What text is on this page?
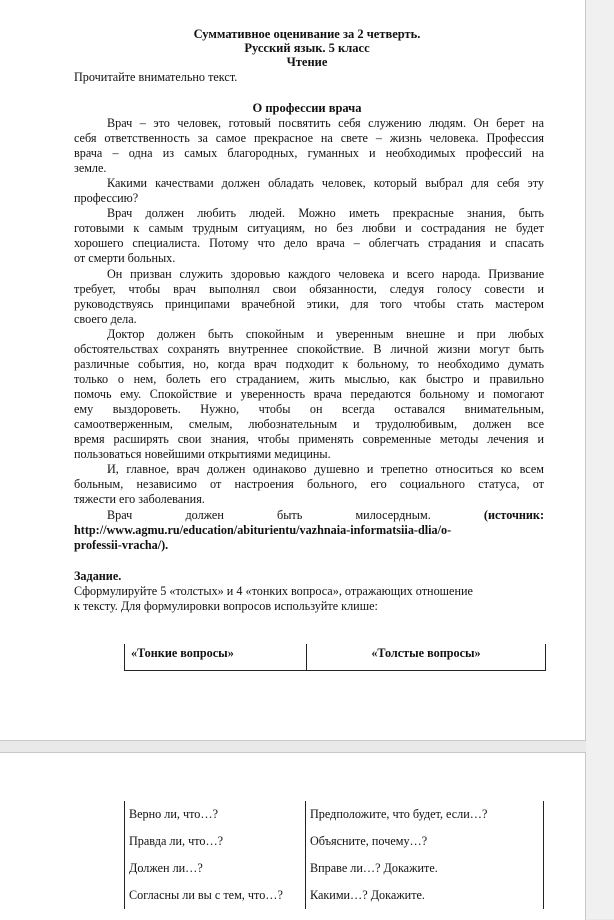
Суммативное оценивание за 2 четверть.
Русский язык. 5 класс
Чтение
Прочитайте внимательно текст.
О профессии врача
Врач – это человек, готовый посвятить себя служению людям. Он берет на
себя ответственность за самое прекрасное на свете – жизнь человека. Профессия
врача – одна из самых благородных, гуманных и необходимых профессий на
земле.
Какими качествами должен обладать человек, который выбрал для себя эту
профессию?
Врач должен любить людей. Можно иметь прекрасные знания, быть
готовыми к самым трудным ситуациям, но без любви и сострадания не будет
хорошего специалиста. Потому что дело врача – облегчать страдания и спасать
от смерти больных.
Он призван служить здоровью каждого человека и всего народа. Призвание
требует, чтобы врач выполнял свои обязанности, следуя голосу совести и
руководствуясь принципами врачебной этики, для того чтобы стать мастером
своего дела.
Доктор должен быть спокойным и уверенным внешне и при любых
обстоятельствах сохранять внутреннее спокойствие. В личной жизни могут быть
различные события, но, когда врач подходит к больному, то необходимо думать
только о нем, болеть его страданием, жить мыслью, как быстро и правильно
помочь ему. Спокойствие и уверенность врача передаются больному и помогают
ему выздороветь. Нужно, чтобы он всегда оставался внимательным,
самоотверженным, смелым, любознательным и трудолюбивым, должен все
время расширять свои знания, чтобы применять современные методы лечения и
пользоваться новейшими открытиями медицины.
И, главное, врач должен одинаково душевно и трепетно относиться ко всем
больным, независимо от настроения больного, его социального статуса, от
тяжести его заболевания.
Врач	должен	быть	милосердным.	(источник:
http://www.agmu.ru/education/abiturientu/vazhnaia-informatsiia-dlia/o-
professii-vracha/).
Задание.
Сформулируйте 5 «толстых» и 4 «тонких вопроса», отражающих отношение
к тексту. Для формулировки вопросов используйте клише:
«Тонкие вопросы»	«Толстые вопросы»
Верно ли, что…?	Предположите, что будет, если…?
Правда ли, что…?	Объясните, почему…?
Должен ли…?	Вправе ли…? Докажите.
Согласны ли вы с тем, что…?	Какими…? Докажите.
